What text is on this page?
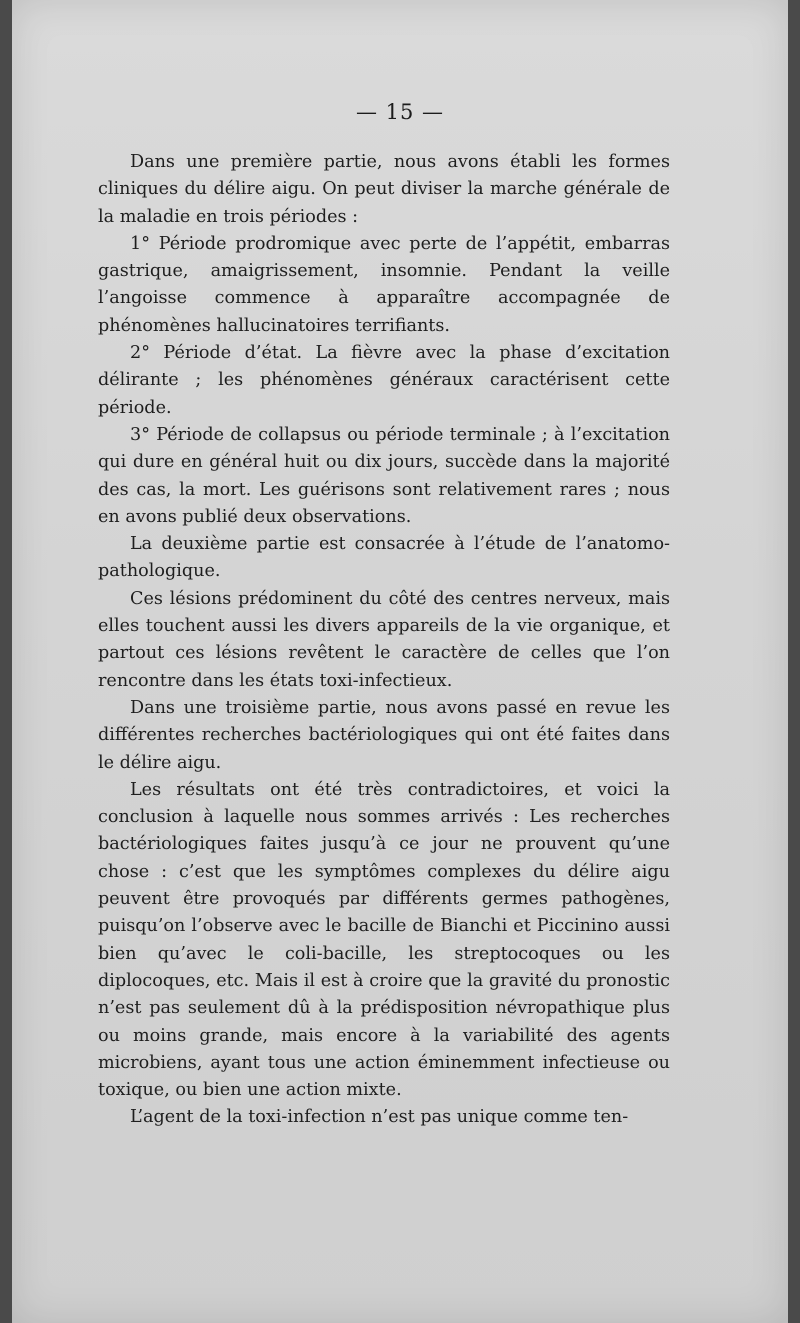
— 15 —

Dans une première partie, nous avons établi les formes cliniques du délire aigu. On peut diviser la marche générale de la maladie en trois périodes :

1° Période prodromique avec perte de l’appétit, embarras gastrique, amaigrissement, insomnie. Pendant la veille l’angoisse commence à apparaître accompagnée de phénomènes hallucinatoires terrifiants.

2° Période d’état. La fièvre avec la phase d’excitation délirante ; les phénomènes généraux caractérisent cette période.

3° Période de collapsus ou période terminale ; à l’excitation qui dure en général huit ou dix jours, succède dans la majorité des cas, la mort. Les guérisons sont relativement rares ; nous en avons publié deux observations.

La deuxième partie est consacrée à l’étude de l’anatomo-pathologique.

Ces lésions prédominent du côté des centres nerveux, mais elles touchent aussi les divers appareils de la vie organique, et partout ces lésions revêtent le caractère de celles que l’on rencontre dans les états toxi-infectieux.

Dans une troisième partie, nous avons passé en revue les différentes recherches bactériologiques qui ont été faites dans le délire aigu.

Les résultats ont été très contradictoires, et voici la conclusion à laquelle nous sommes arrivés : Les recherches bactériologiques faites jusqu’à ce jour ne prouvent qu’une chose : c’est que les symptômes complexes du délire aigu peuvent être provoqués par différents germes pathogènes, puisqu’on l’observe avec le bacille de Bianchi et Piccinino aussi bien qu’avec le coli-bacille, les streptocoques ou les diplocoques, etc. Mais il est à croire que la gravité du pronostic n’est pas seulement dû à la prédisposition névropathique plus ou moins grande, mais encore à la variabilité des agents microbiens, ayant tous une action éminemment infectieuse ou toxique, ou bien une action mixte.

L’agent de la toxi-infection n’est pas unique comme ten-
